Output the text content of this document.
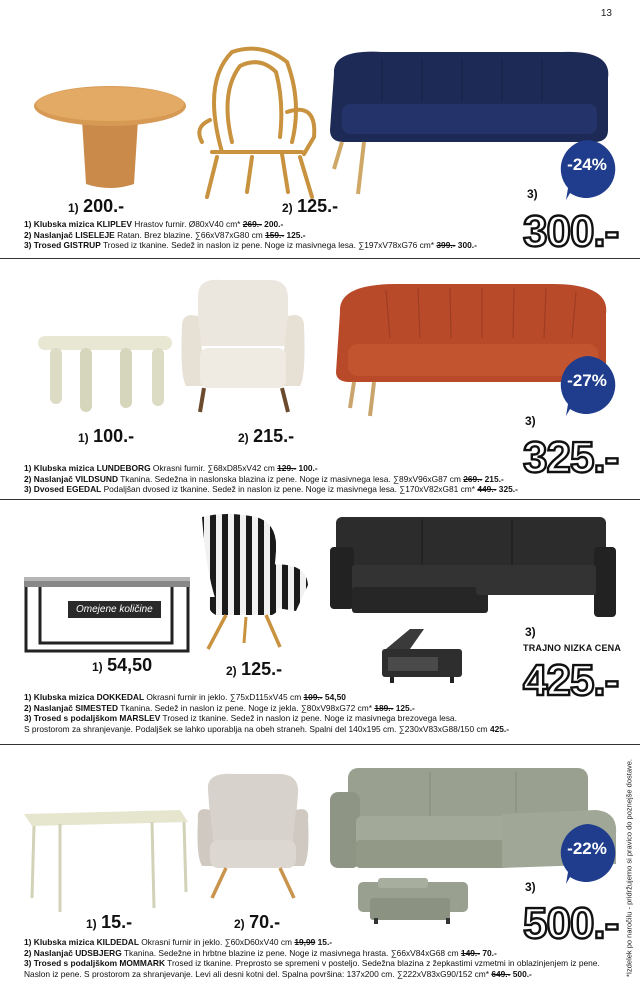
13
1) 200.-	2) 125.-
3)
-24%
300.-
1) Klubska mizica KLIPLEV Hrastov furnir. Ø80xV40 cm* 269.- 200.-
2) Naslanjač LISELEJE Ratan. Brez blazine. ∑66xV87xG80 cm 159.- 125.-
3) Trosed GISTRUP Trosed iz tkanine. Sedež in naslon iz pene. Noge iz masivnega lesa. ∑197xV78xG76 cm* 399.- 300.-
1) 100.-	2) 215.-
3)
-27%
325.-
1) Klubska mizica LUNDEBORG Okrasni furnir. ∑68xD85xV42 cm 129.- 100.-
2) Naslanjač VILDSUND Tkanina. Sedežna in naslonska blazina iz pene. Noge iz masivnega lesa. ∑89xV96xG87 cm 269.- 215.-
3) Dvosed EGEDAL Podaljšan dvosed iz tkanine. Sedež in naslon iz pene. Noge iz masivnega lesa. ∑170xV82xG81 cm* 449.- 325.-
Omejene količine
1) 54,50	2) 125.-
3)
TRAJNO NIZKA CENA
425.-
1) Klubska mizica DOKKEDAL Okrasni furnir in jeklo. ∑75xD115xV45 cm 109.- 54,50
2) Naslanjač SIMESTED Tkanina. Sedež in naslon iz pene. Noge iz jekla. ∑80xV98xG72 cm* 189.- 125.-
3) Trosed s podaljškom MARSLEV Trosed iz tkanine. Sedež in naslon iz pene. Noge iz masivnega brezovega lesa.
S prostorom za shranjevanje. Podaljšek se lahko uporablja na obeh straneh. Spalni del 140x195 cm. ∑230xV83xG88/150 cm 425.-
1) 15.-	2) 70.-
3)
-22%
500.-
1) Klubska mizica KILDEDAL Okrasni furnir in jeklo. ∑60xD60xV40 cm 19,99 15.-
2) Naslanjač UDSBJERG Tkanina. Sedežne in hrbtne blazine iz pene. Noge iz masivnega hrasta. ∑66xV84xG68 cm 149.- 70.-
3) Trosed s podaljškom MOMMARK Trosed iz tkanine. Preprosto se spremeni v posteljo. Sedežna blazina z žepkastimi vzmetmi in oblazinjenjem iz pene.
Naslon iz pene. S prostorom za shranjevanje. Levi ali desni kotni del. Spalna površina: 137x200 cm. ∑222xV83xG90/152 cm* 649.- 500.-	*Izdelek po naročilu - pridržujemo si pravico do poznejše dostave.
